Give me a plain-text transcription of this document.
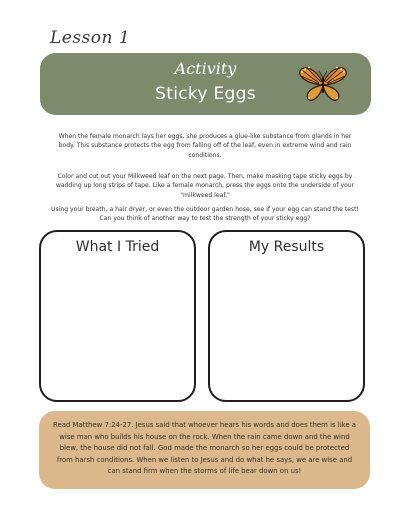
Lesson 1
Activity
Sticky Eggs

When the female monarch lays her eggs, she produces a glue-like substance from glands in her body. This substance protects the egg from falling off of the leaf, even in extreme wind and rain conditions.

Color and cut out your Milkweed leaf on the next page. Then, make masking tape sticky eggs by wadding up long strips of tape. Like a female monarch, press the eggs onto the underside of your "milkweed leaf."

Using your breath, a hair dryer, or even the outdoor garden hose, see if your egg can stand the test! Can you think of another way to test the strength of your sticky egg?

What I Tried	My Results

Read Matthew 7:24-27. Jesus said that whoever hears his words and does them is like a wise man who builds his house on the rock. When the rain came down and the wind blew, the house did not fall. God made the monarch so her eggs could be protected from harsh conditions. When we listen to Jesus and do what he says, we are wise and can stand firm when the storms of life bear down on us!
